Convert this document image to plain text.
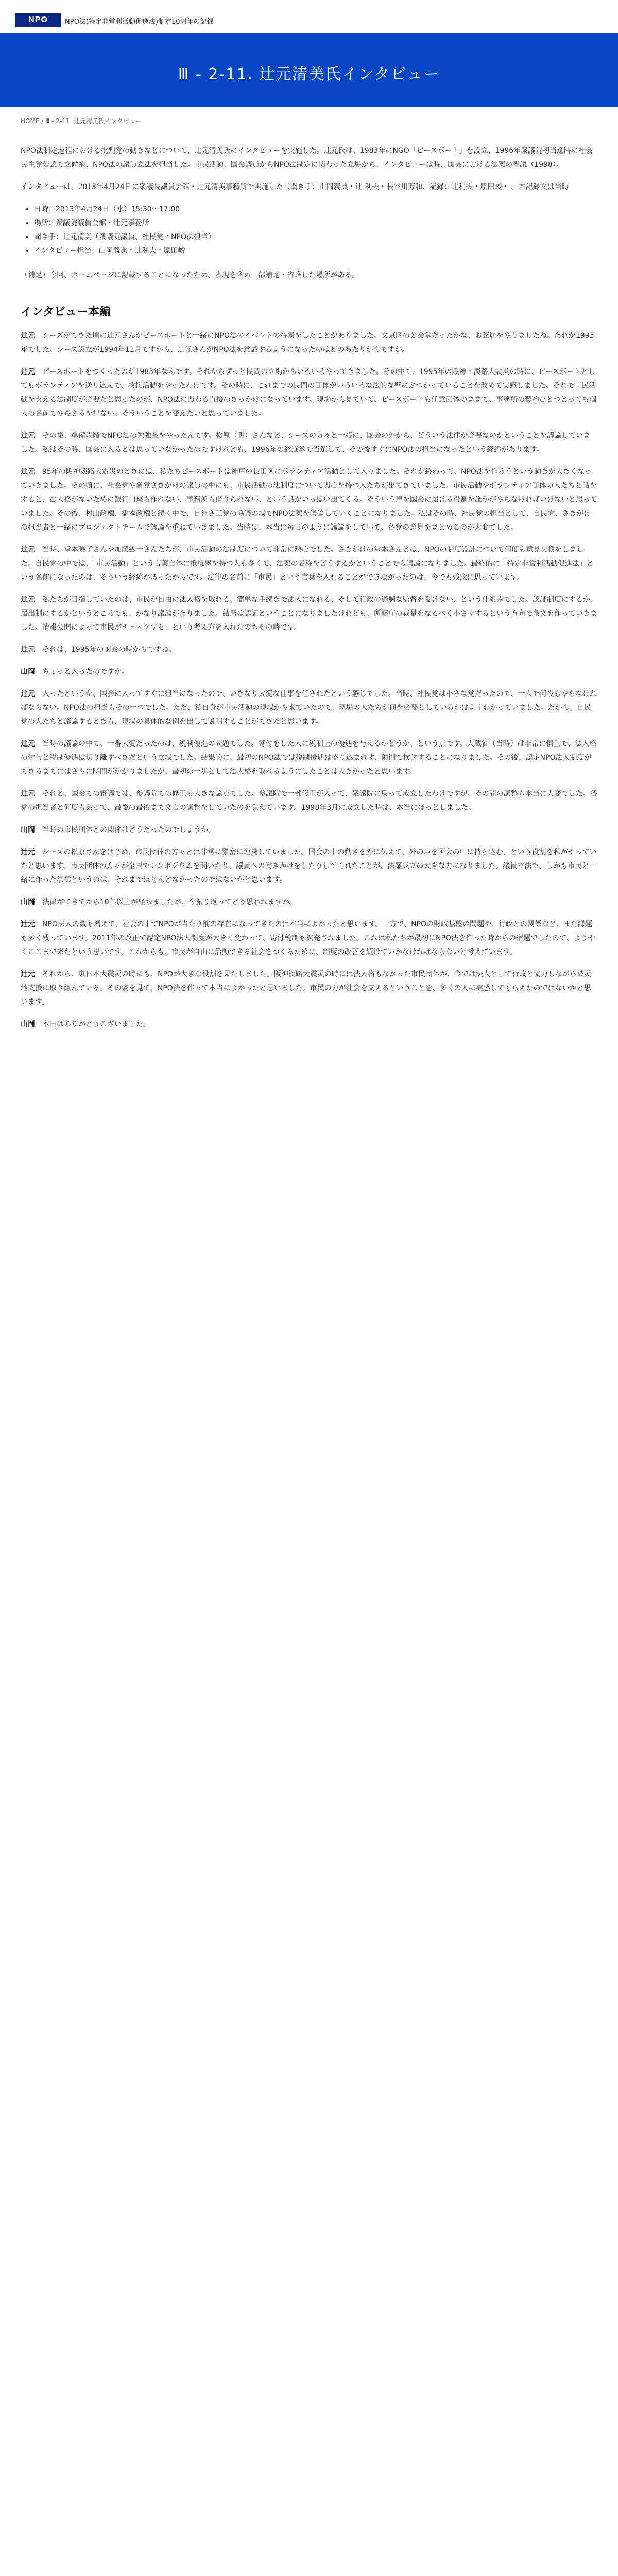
NPO	NPO法(特定非営利活動促進法)制定10周年の記録
Ⅲ - 2-11. 辻元清美氏インタビュー
HOME / Ⅲ - 2-11. 辻元清美氏インタビュー

NPO法制定過程における批判党の動きなどについて、辻元清美氏にインタビューを実施した。辻元氏は、1983年にNGO「ピースボート」を設立、1996年衆議院初当選時に社会民主党公認で立候補、NPO法の議員立法を担当した。市民活動、国会議員からNPO法制定に関わった立場から、インタビューは時、国会における法案の審議（1998）。

インタビューは、2013年4月24日に衆議院議員会館・辻元清美事務所で実施した（聞き手：山岡義典・辻 利夫・長谷川芳和、記録：辻利夫・原田峻・ 。本記録文は当時

• 日時：2013年4月24日（水）15:30〜17:00
• 場所：衆議院議員会館・辻元事務所
• 聞き手：辻元清美（衆議院議員、社民党・NPO法担当）
• インタビュー担当：山岡義典・辻利夫・原田峻

（補足）今回、ホームページに記載することになったため、表現を含め一部補足・省略した場所がある。

インタビュー本編

辻元 シーズができた頃に辻元さんがピースボートと一緒にNPO法のイベントの特集をしたことがありました。文京区の公会堂だったかな、お芝居をやりましたね。あれが1993年でした。シーズ設立が1994年11月ですから、辻元さんがNPO法を意識するようになったのはどのあたりからですか。

辻元 ピースボートをつくったのが1983年なんです。それからずっと民間の立場からいろいろやってきました。その中で、1995年の阪神・淡路大震災の時に、ピースボートとしてもボランティアを送り込んで、救援活動をやったわけです。その時に、これまでの民間の団体がいろいろな法的な壁にぶつかっていることを改めて実感しました。それで市民活動を支える法制度が必要だと思ったのが、NPO法に関わる直接のきっかけになっています。現場から見ていて、ピースボートも任意団体のままで、事務所の契約ひとつとっても個人の名前でやらざるを得ない。そういうことを変えたいと思っていました。

辻元 その後、準備段階でNPO法の勉強会をやったんです。松原（明）さんなど、シーズの方々と一緒に、国会の外から、どういう法律が必要なのかということを議論していました。私はその時、国会に入るとは思っていなかったのですけれども、1996年の総選挙で当選して、その後すぐにNPO法の担当になったという経緯があります。

辻元 95年の阪神淡路大震災のときには、私たちピースボートは神戸の長田区にボランティア活動として入りました。それが終わって、NPO法を作ろうという動きが大きくなっていきました。その頃に、社会党や新党さきがけの議員の中にも、市民活動の法制度について関心を持つ人たちが出てきていました。市民活動やボランティア団体の人たちと話をすると、法人格がないために銀行口座も作れない、事務所も借りられない、という話がいっぱい出てくる。そういう声を国会に届ける役割を誰かがやらなければいけないと思っていました。その後、村山政権、橋本政権と続く中で、自社さ三党の協議の場でNPO法案を議論していくことになりました。私はその時、社民党の担当として、自民党、さきがけの担当者と一緒にプロジェクトチームで議論を重ねていきました。当時は、本当に毎日のように議論をしていて、各党の意見をまとめるのが大変でした。

辻元 当時、堂本暁子さんや加藤紘一さんたちが、市民活動の法制度について非常に熱心でした。さきがけの堂本さんとは、NPOの制度設計について何度も意見交換をしました。自民党の中では、「市民活動」という言葉自体に抵抗感を持つ人も多くて、法案の名称をどうするかということでも議論になりました。最終的に「特定非営利活動促進法」という名前になったのは、そういう経緯があったからです。法律の名前に「市民」という言葉を入れることができなかったのは、今でも残念に思っています。

辻元 私たちが目指していたのは、市民が自由に法人格を取れる、簡単な手続きで法人になれる、そして行政の過剰な監督を受けない、という仕組みでした。認証制度にするか、届出制にするかというところでも、かなり議論がありました。結局は認証ということになりましたけれども、所轄庁の裁量をなるべく小さくするという方向で条文を作っていきました。情報公開によって市民がチェックする、という考え方を入れたのもその時です。

辻元 それは、1995年の国会の時からですね。

山岡 ちょっと入ったのですか。

辻元 入ったというか、国会に入ってすぐに担当になったので、いきなり大変な仕事を任されたという感じでした。当時、社民党は小さな党だったので、一人で何役もやらなければならない。NPO法の担当もその一つでした。ただ、私自身が市民活動の現場から来ていたので、現場の人たちが何を必要としているかはよくわかっていました。だから、自民党の人たちと議論するときも、現場の具体的な例を出して説明することができたと思います。

辻元 当時の議論の中で、一番大変だったのは、税制優遇の問題でした。寄付をした人に税制上の優遇を与えるかどうか、という点です。大蔵省（当時）は非常に慎重で、法人格の付与と税制優遇は切り離すべきだという立場でした。結果的に、最初のNPO法では税制優遇は盛り込まれず、附則で検討することになりました。その後、認定NPO法人制度ができるまでにはさらに時間がかかりましたが、最初の一歩として法人格を取れるようにしたことは大きかったと思います。

辻元 それと、国会での審議では、参議院での修正も大きな論点でした。参議院で一部修正が入って、衆議院に戻って成立したわけですが、その間の調整も本当に大変でした。各党の担当者と何度も会って、最後の最後まで文言の調整をしていたのを覚えています。1998年3月に成立した時は、本当にほっとしました。

山岡 当時の市民団体との関係はどうだったのでしょうか。

辻元 シーズの松原さんをはじめ、市民団体の方々とは非常に緊密に連携していました。国会の中の動きを外に伝えて、外の声を国会の中に持ち込む、という役割を私がやっていたと思います。市民団体の方々が全国でシンポジウムを開いたり、議員への働きかけをしたりしてくれたことが、法案成立の大きな力になりました。議員立法で、しかも市民と一緒に作った法律というのは、それまでほとんどなかったのではないかと思います。

山岡 法律ができてから10年以上が経ちましたが、今振り返ってどう思われますか。

辻元 NPO法人の数も増えて、社会の中でNPOが当たり前の存在になってきたのは本当によかったと思います。一方で、NPOの財政基盤の問題や、行政との関係など、まだ課題も多く残っています。2011年の改正で認定NPO法人制度が大きく変わって、寄付税制も拡充されました。これは私たちが最初にNPO法を作った時からの宿題でしたので、ようやくここまで来たという思いです。これからも、市民が自由に活動できる社会をつくるために、制度の改善を続けていかなければならないと考えています。

辻元 それから、東日本大震災の時にも、NPOが大きな役割を果たしました。阪神淡路大震災の時には法人格もなかった市民団体が、今では法人として行政と協力しながら被災地支援に取り組んでいる。その姿を見て、NPO法を作って本当によかったと思いました。市民の力が社会を支えるということを、多くの人に実感してもらえたのではないかと思います。

山岡 本日はありがとうございました。
